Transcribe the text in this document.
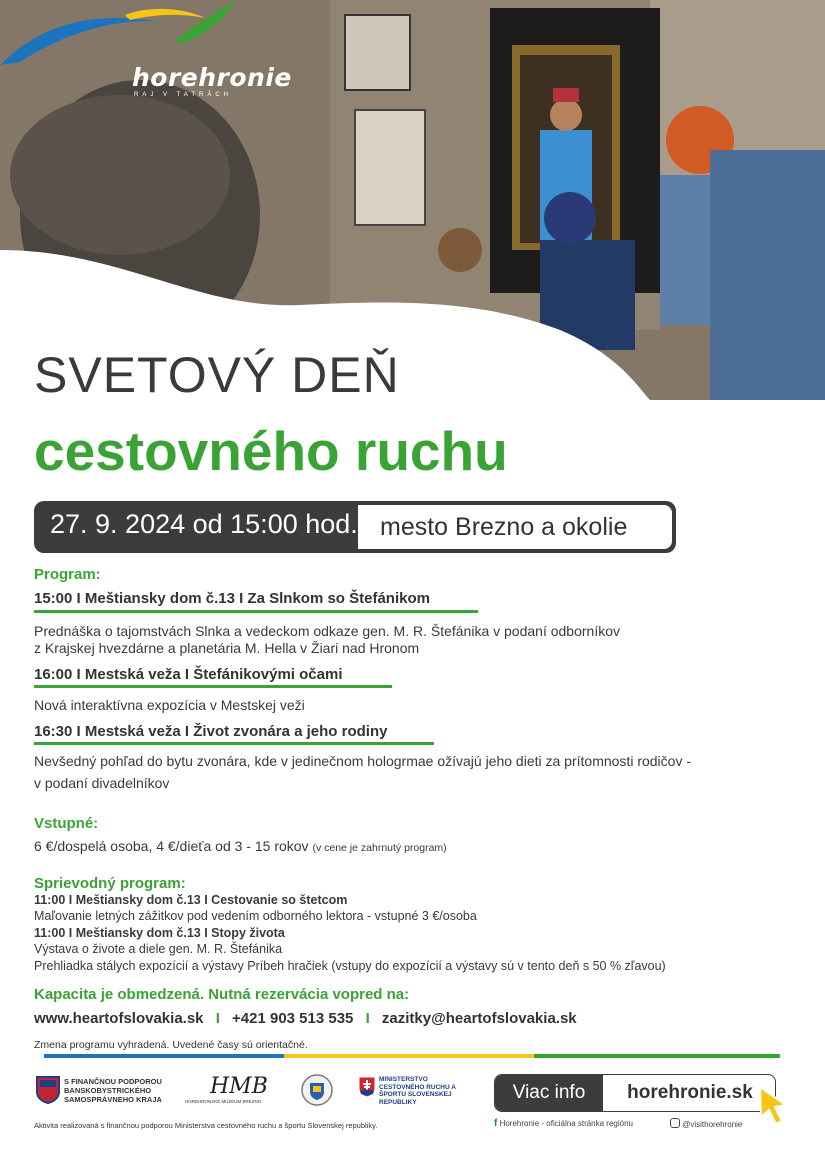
horehronie
RAJ V TATRÁCH
SVETOVÝ DEŇ
cestovného ruchu
27. 9. 2024 od 15:00 hod. mesto Brezno a okolie
Program:
15:00 I Meštiansky dom č.13 I Za Slnkom so Štefánikom
Prednáška o tajomstvách Slnka a vedeckom odkaze gen. M. R. Štefánika v podaní odborníkov
z Krajskej hvezdárne a planetária M. Hella v Žiari nad Hronom
16:00 I Mestská veža I Štefánikovými očami
Nová interaktívna expozícia v Mestskej veži
16:30 I Mestská veža I Život zvonára a jeho rodiny
Nevšedný pohľad do bytu zvonára, kde v jedinečnom hologrmae ožívajú jeho dieti za prítomnosti rodičov -
v podaní divadelníkov
Vstupné:
6 €/dospelá osoba, 4 €/dieťa od 3 - 15 rokov (v cene je zahrnutý program)
Sprievodný program:
11:00 I Meštiansky dom č.13 I Cestovanie so štetcom
Maľovanie letných zážitkov pod vedením odborného lektora - vstupné 3 €/osoba
11:00 I Meštiansky dom č.13 I Stopy života
Výstava o živote a diele gen. M. R. Štefánika
Prehliadka stálych expozícií a výstavy Príbeh hračiek (vstupy do expozícií a výstavy sú v tento deň s 50 % zľavou)
Kapacita je obmedzená. Nutná rezervácia vopred na:
www.heartofslovakia.sk I +421 903 513 535 I zazitky@heartofslovakia.sk
Zmena programu vyhradená. Uvedené časy sú orientačné.
S FINANČNOU PODPOROU BANSKOBYSTRICKÉHO SAMOSPRÁVNEHO KRAJA
HMB
HOREHRONSKÉ MÚZEUM BREZNO
MINISTERSTVO CESTOVNÉHO RUCHU A ŠPORTU SLOVENSKEJ REPUBLIKY	Viac info	horehronie.sk
f Horehronie - oficiálna stránka regiónu	@visithorehronie
Aktivita realizovaná s finančnou podporou Ministerstva cestovného ruchu a športu Slovenskej republiky.
